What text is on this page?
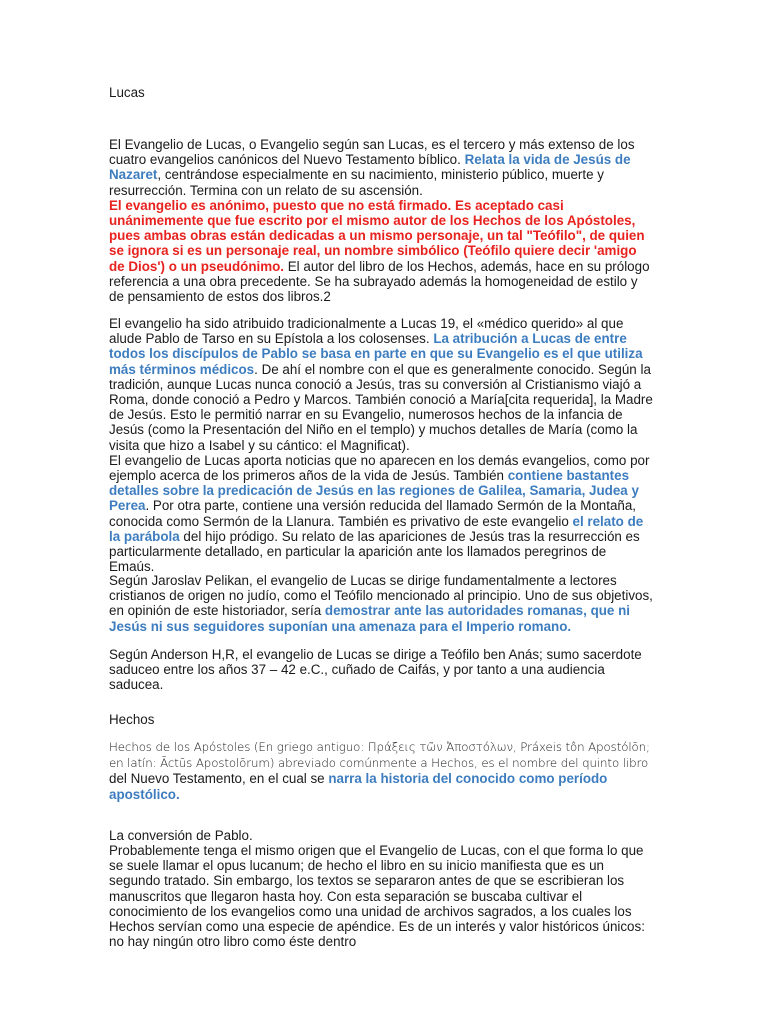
Lucas

El Evangelio de Lucas, o Evangelio según san Lucas, es el tercero y más extenso de los cuatro evangelios canónicos del Nuevo Testamento bíblico. Relata la vida de Jesús de Nazaret, centrándose especialmente en su nacimiento, ministerio público, muerte y resurrección. Termina con un relato de su ascensión.
El evangelio es anónimo, puesto que no está firmado. Es aceptado casi unánimemente que fue escrito por el mismo autor de los Hechos de los Apóstoles, pues ambas obras están dedicadas a un mismo personaje, un tal "Teófilo", de quien se ignora si es un personaje real, un nombre simbólico (Teófilo quiere decir 'amigo de Dios') o un pseudónimo. El autor del libro de los Hechos, además, hace en su prólogo referencia a una obra precedente. Se ha subrayado además la homogeneidad de estilo y de pensamiento de estos dos libros.2

El evangelio ha sido atribuido tradicionalmente a Lucas 19, el «médico querido» al que alude Pablo de Tarso en su Epístola a los colosenses. La atribución a Lucas de entre todos los discípulos de Pablo se basa en parte en que su Evangelio es el que utiliza más términos médicos. De ahí el nombre con el que es generalmente conocido. Según la tradición, aunque Lucas nunca conoció a Jesús, tras su conversión al Cristianismo viajó a Roma, donde conoció a Pedro y Marcos. También conoció a María[cita requerida], la Madre de Jesús. Esto le permitió narrar en su Evangelio, numerosos hechos de la infancia de Jesús (como la Presentación del Niño en el templo) y muchos detalles de María (como la visita que hizo a Isabel y su cántico: el Magnificat).
El evangelio de Lucas aporta noticias que no aparecen en los demás evangelios, como por ejemplo acerca de los primeros años de la vida de Jesús. También contiene bastantes detalles sobre la predicación de Jesús en las regiones de Galilea, Samaria, Judea y Perea. Por otra parte, contiene una versión reducida del llamado Sermón de la Montaña, conocida como Sermón de la Llanura. También es privativo de este evangelio el relato de la parábola del hijo pródigo. Su relato de las apariciones de Jesús tras la resurrección es particularmente detallado, en particular la aparición ante los llamados peregrinos de Emaús.

Según Jaroslav Pelikan, el evangelio de Lucas se dirige fundamentalmente a lectores cristianos de origen no judío, como el Teófilo mencionado al principio. Uno de sus objetivos, en opinión de este historiador, sería demostrar ante las autoridades romanas, que ni Jesús ni sus seguidores suponían una amenaza para el Imperio romano.

Según Anderson H,R, el evangelio de Lucas se dirige a Teófilo ben Anás; sumo sacerdote saduceo entre los años 37 – 42 e.C., cuñado de Caifás, y por tanto a una audiencia saducea.

Hechos

Hechos de los Apóstoles (En griego antiguo: Πράξεις τῶν Ἀποστόλων, Práxeis tôn Apostólōn; en latín: Āctūs Apostolōrum) abreviado comúnmente a Hechos, es el nombre del quinto libro del Nuevo Testamento, en el cual se narra la historia del conocido como período apostólico.

La conversión de Pablo.

Probablemente tenga el mismo origen que el Evangelio de Lucas, con el que forma lo que se suele llamar el opus lucanum; de hecho el libro en su inicio manifiesta que es un segundo tratado. Sin embargo, los textos se separaron antes de que se escribieran los manuscritos que llegaron hasta hoy. Con esta separación se buscaba cultivar el conocimiento de los evangelios como una unidad de archivos sagrados, a los cuales los Hechos servían como una especie de apéndice. Es de un interés y valor históricos únicos: no hay ningún otro libro como éste dentro
